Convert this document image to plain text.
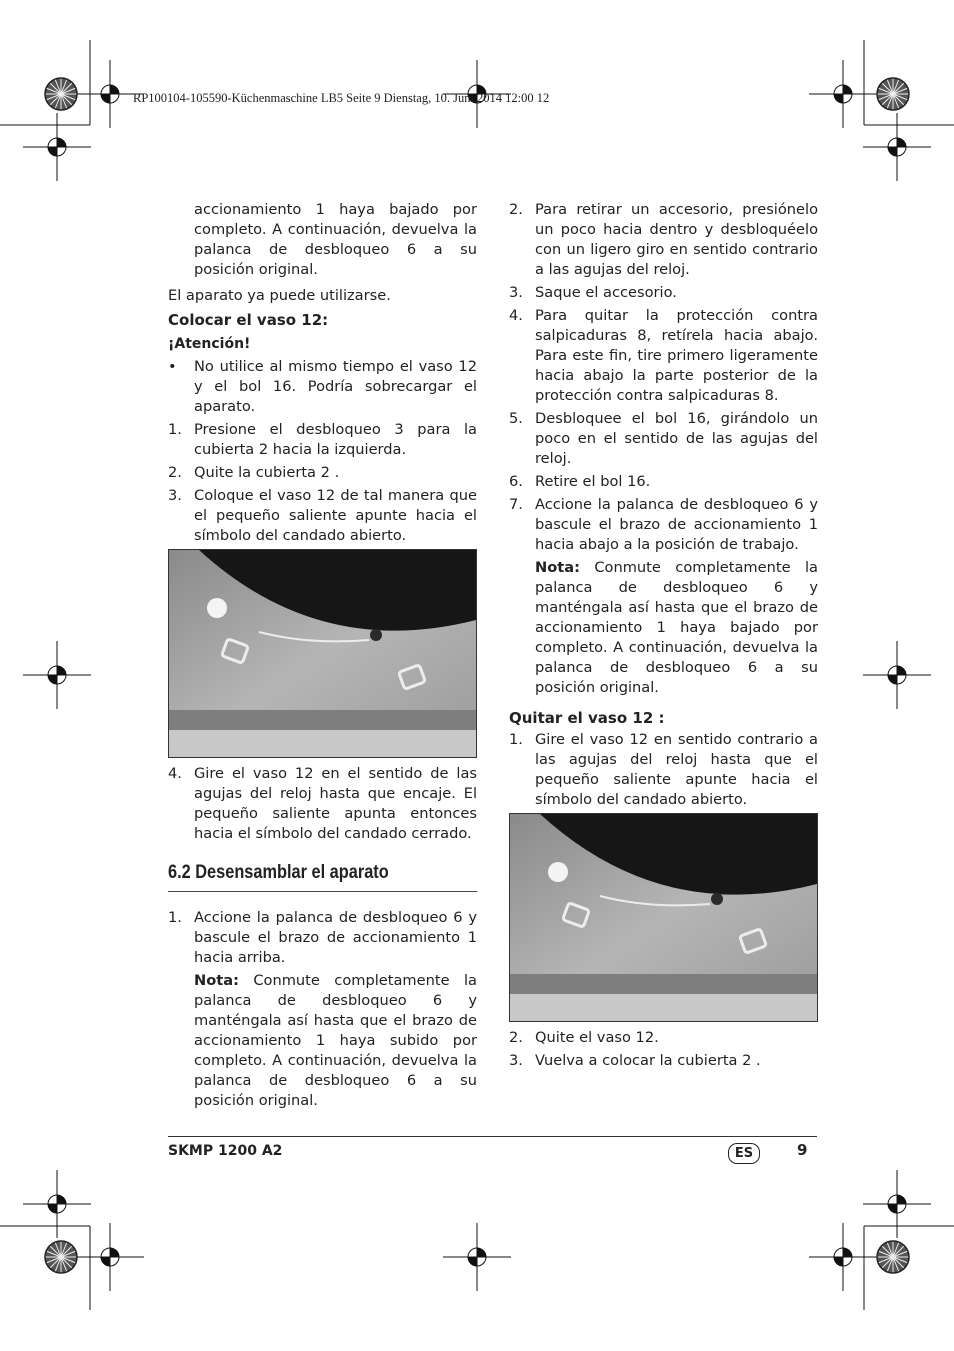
RP100104-105590-Küchenmaschine LB5 Seite 9 Dienstag, 10. Juni 2014 12:00 12

accionamiento 1 haya bajado por completo. A continuación, devuelva la palanca de desbloqueo 6 a su posición original.

El aparato ya puede utilizarse.

Colocar el vaso 12:

¡Atención!

• No utilice al mismo tiempo el vaso 12 y el bol 16. Podría sobrecargar el aparato.
1. Presione el desbloqueo 3 para la cubierta 2 hacia la izquierda.
2. Quite la cubierta 2 .
3. Coloque el vaso 12 de tal manera que el pequeño saliente apunte hacia el símbolo del candado abierto.
4. Gire el vaso 12 en el sentido de las agujas del reloj hasta que encaje. El pequeño saliente apunta entonces hacia el símbolo del candado cerrado.
6.2 Desensamblar el aparato
1. Accione la palanca de desbloqueo 6 y bascule el brazo de accionamiento 1 hacia arriba.

Nota: Conmute completamente la palanca de desbloqueo 6 y manténgala así hasta que el brazo de accionamiento 1 haya subido por completo. A continuación, devuelva la palanca de desbloqueo 6 a su posición original.

2. Para retirar un accesorio, presiónelo un poco hacia dentro y desbloquéelo con un ligero giro en sentido contrario a las agujas del reloj.
3. Saque el accesorio.
4. Para quitar la protección contra salpicaduras 8, retírela hacia abajo. Para este fin, tire primero ligeramente hacia abajo la parte posterior de la protección contra salpicaduras 8.
5. Desbloquee el bol 16, girándolo un poco en el sentido de las agujas del reloj.
6. Retire el bol 16.
7. Accione la palanca de desbloqueo 6 y bascule el brazo de accionamiento 1 hacia abajo a la posición de trabajo.

Nota: Conmute completamente la palanca de desbloqueo 6 y manténgala así hasta que el brazo de accionamiento 1 haya bajado por completo. A continuación, devuelva la palanca de desbloqueo 6 a su posición original.

Quitar el vaso 12 :

1. Gire el vaso 12 en sentido contrario a las agujas del reloj hasta que el pequeño saliente apunte hacia el símbolo del candado abierto.
2. Quite el vaso 12.
3. Vuelva a colocar la cubierta 2 .
SKMP 1200 A2	ES	9
